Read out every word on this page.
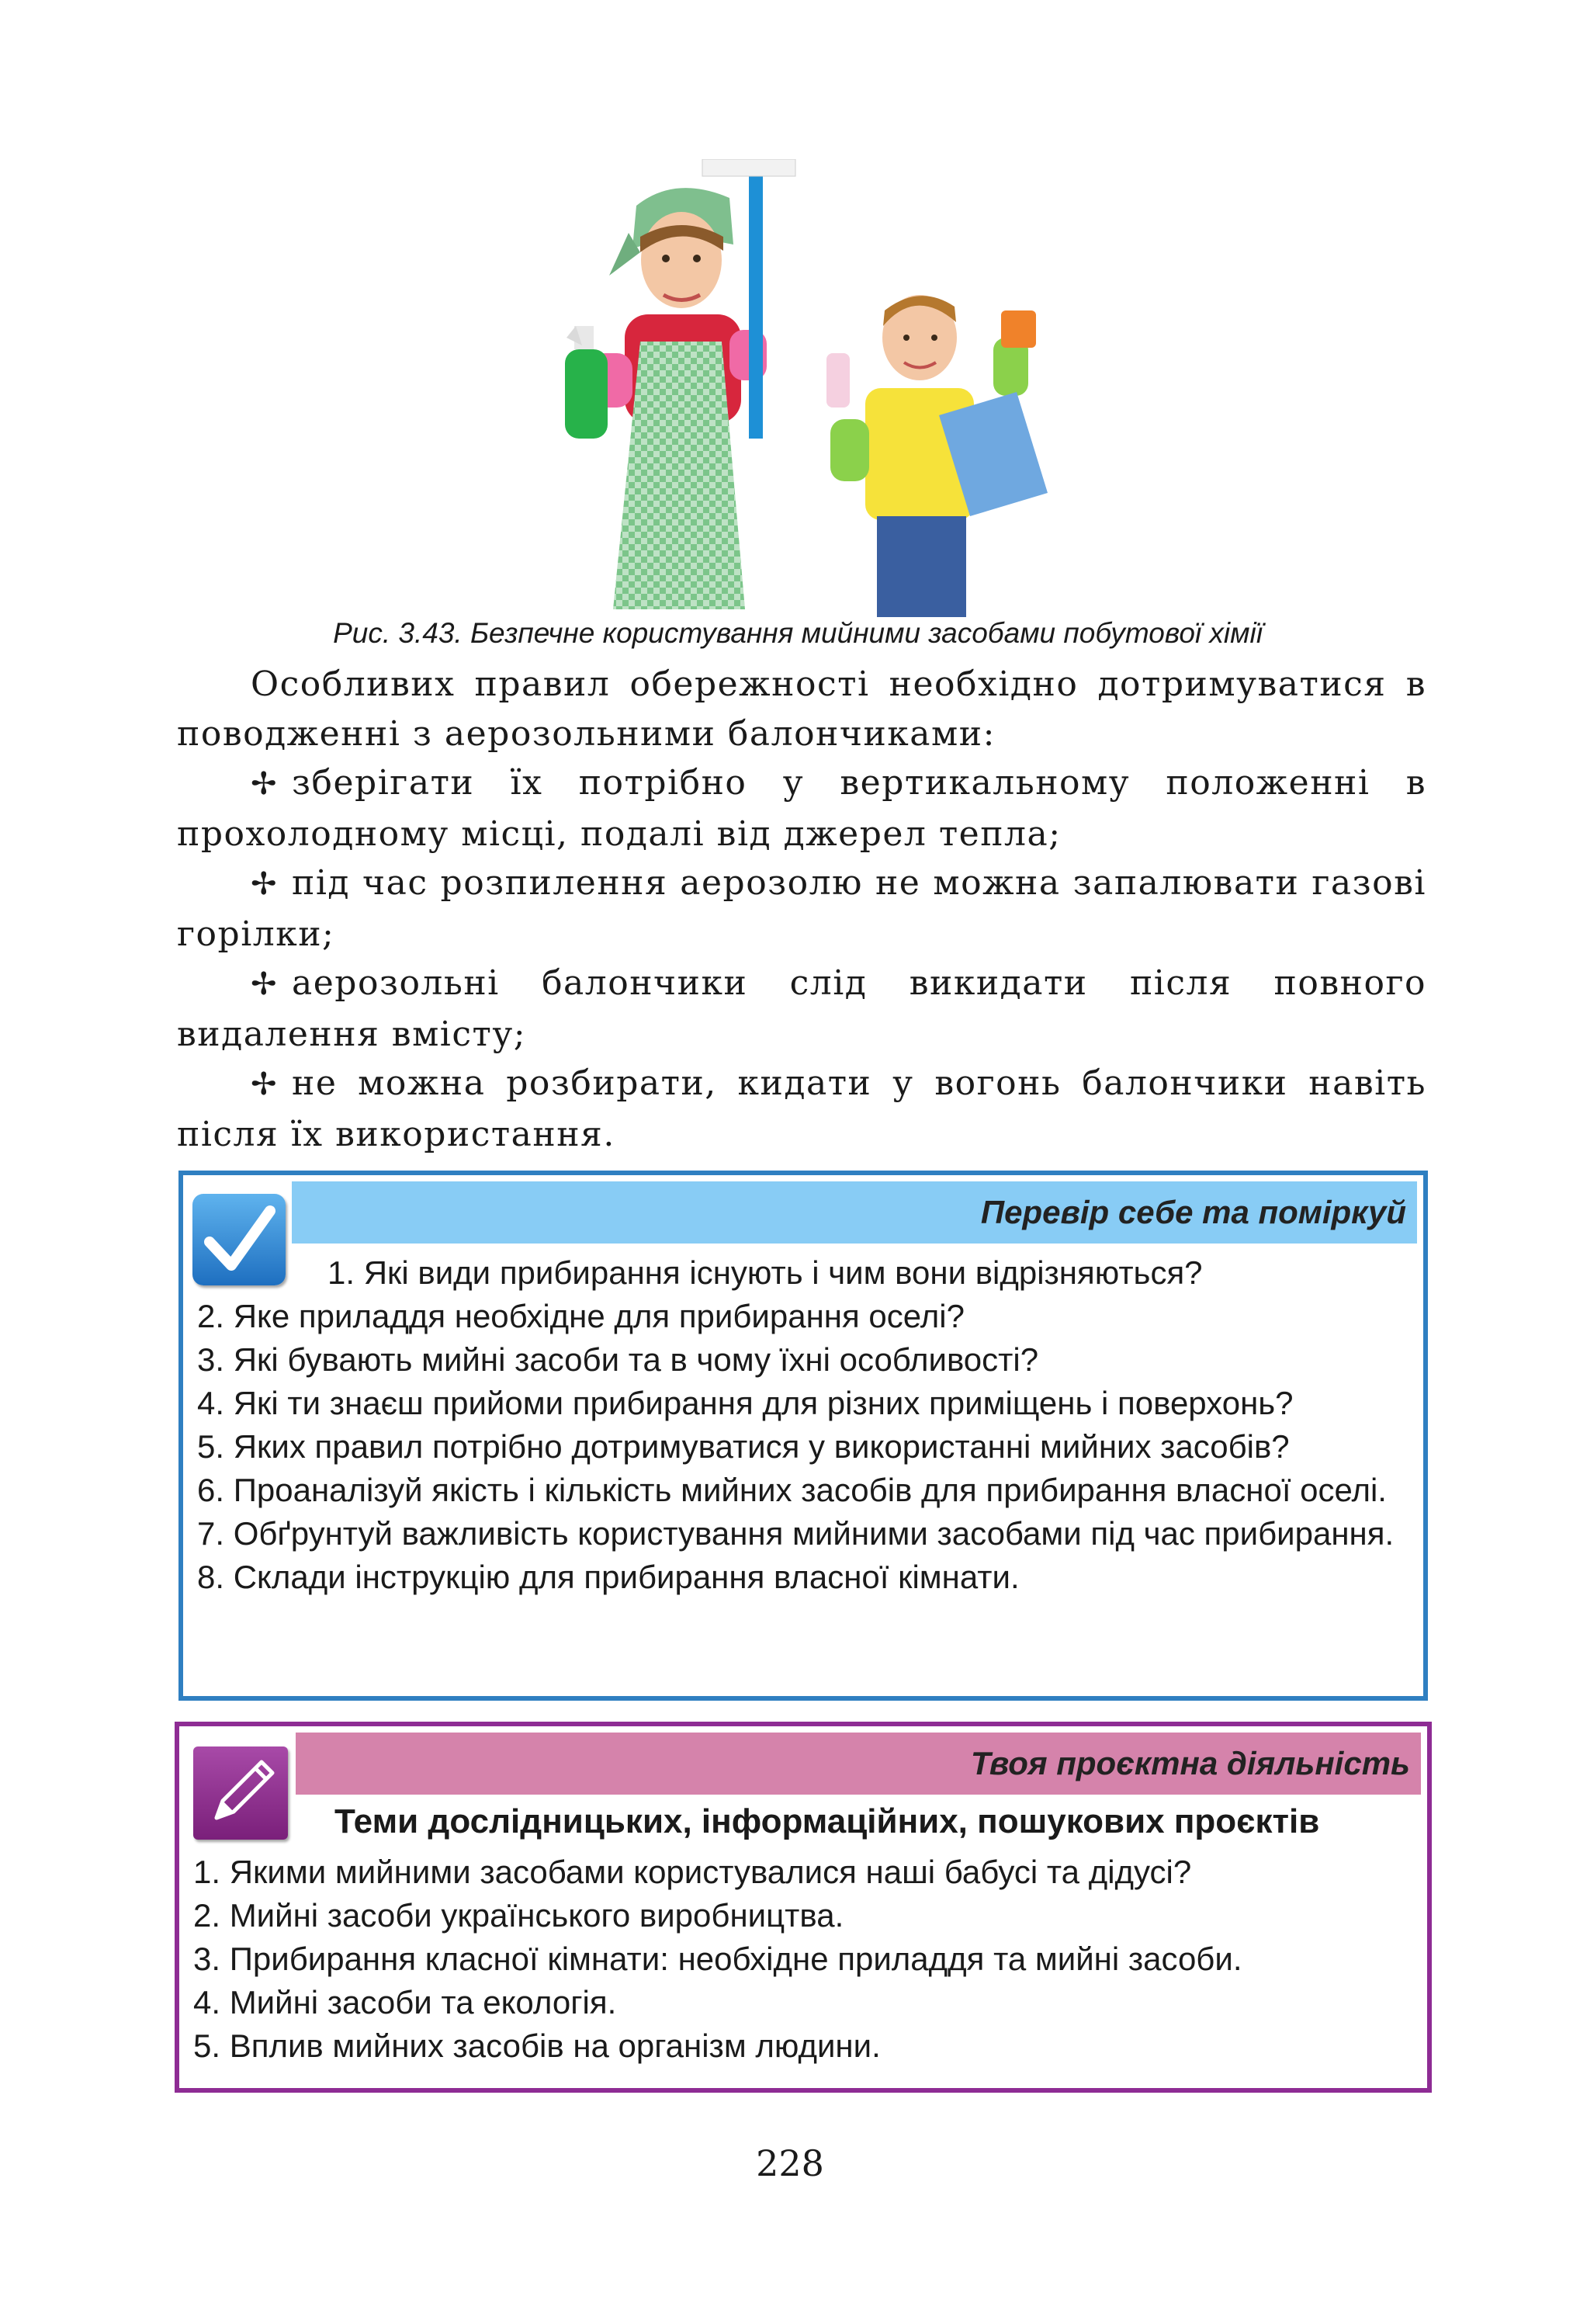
Рис. 3.43. Безпечне користування мийними засобами побутової хімії

Особливих правил обережності необхідно дотримуватися в поводженні з аерозольними балончиками:

✢ зберігати їх потрібно у вертикальному положенні в прохолодному місці, подалі від джерел тепла;

✢ під час розпилення аерозолю не можна запалювати газові горілки;

✢ аерозольні балончики слід викидати після повного видалення вмісту;

✢ не можна розбирати, кидати у вогонь балончики навіть після їх використання.

Перевір себе та поміркуй

1. Які види прибирання існують і чим вони відрізняються?

2. Яке приладдя необхідне для прибирання оселі?

3. Які бувають мийні засоби та в чому їхні особливості?

4. Які ти знаєш прийоми прибирання для різних приміщень і поверхонь?

5. Яких правил потрібно дотримуватися у використанні мийних засобів?

6. Проаналізуй якість і кількість мийних засобів для прибирання власної оселі.

7. Обґрунтуй важливість користування мийними засобами під час прибирання.

8. Склади інструкцію для прибирання власної кімнати.

Твоя проєктна діяльність
Теми дослідницьких, інформаційних, пошукових проєктів

1. Якими мийними засобами користувалися наші бабусі та дідусі?

2. Мийні засоби українського виробництва.

3. Прибирання класної кімнати: необхідне приладдя та мийні засоби.

4. Мийні засоби та екологія.

5. Вплив мийних засобів на організм людини.

228
